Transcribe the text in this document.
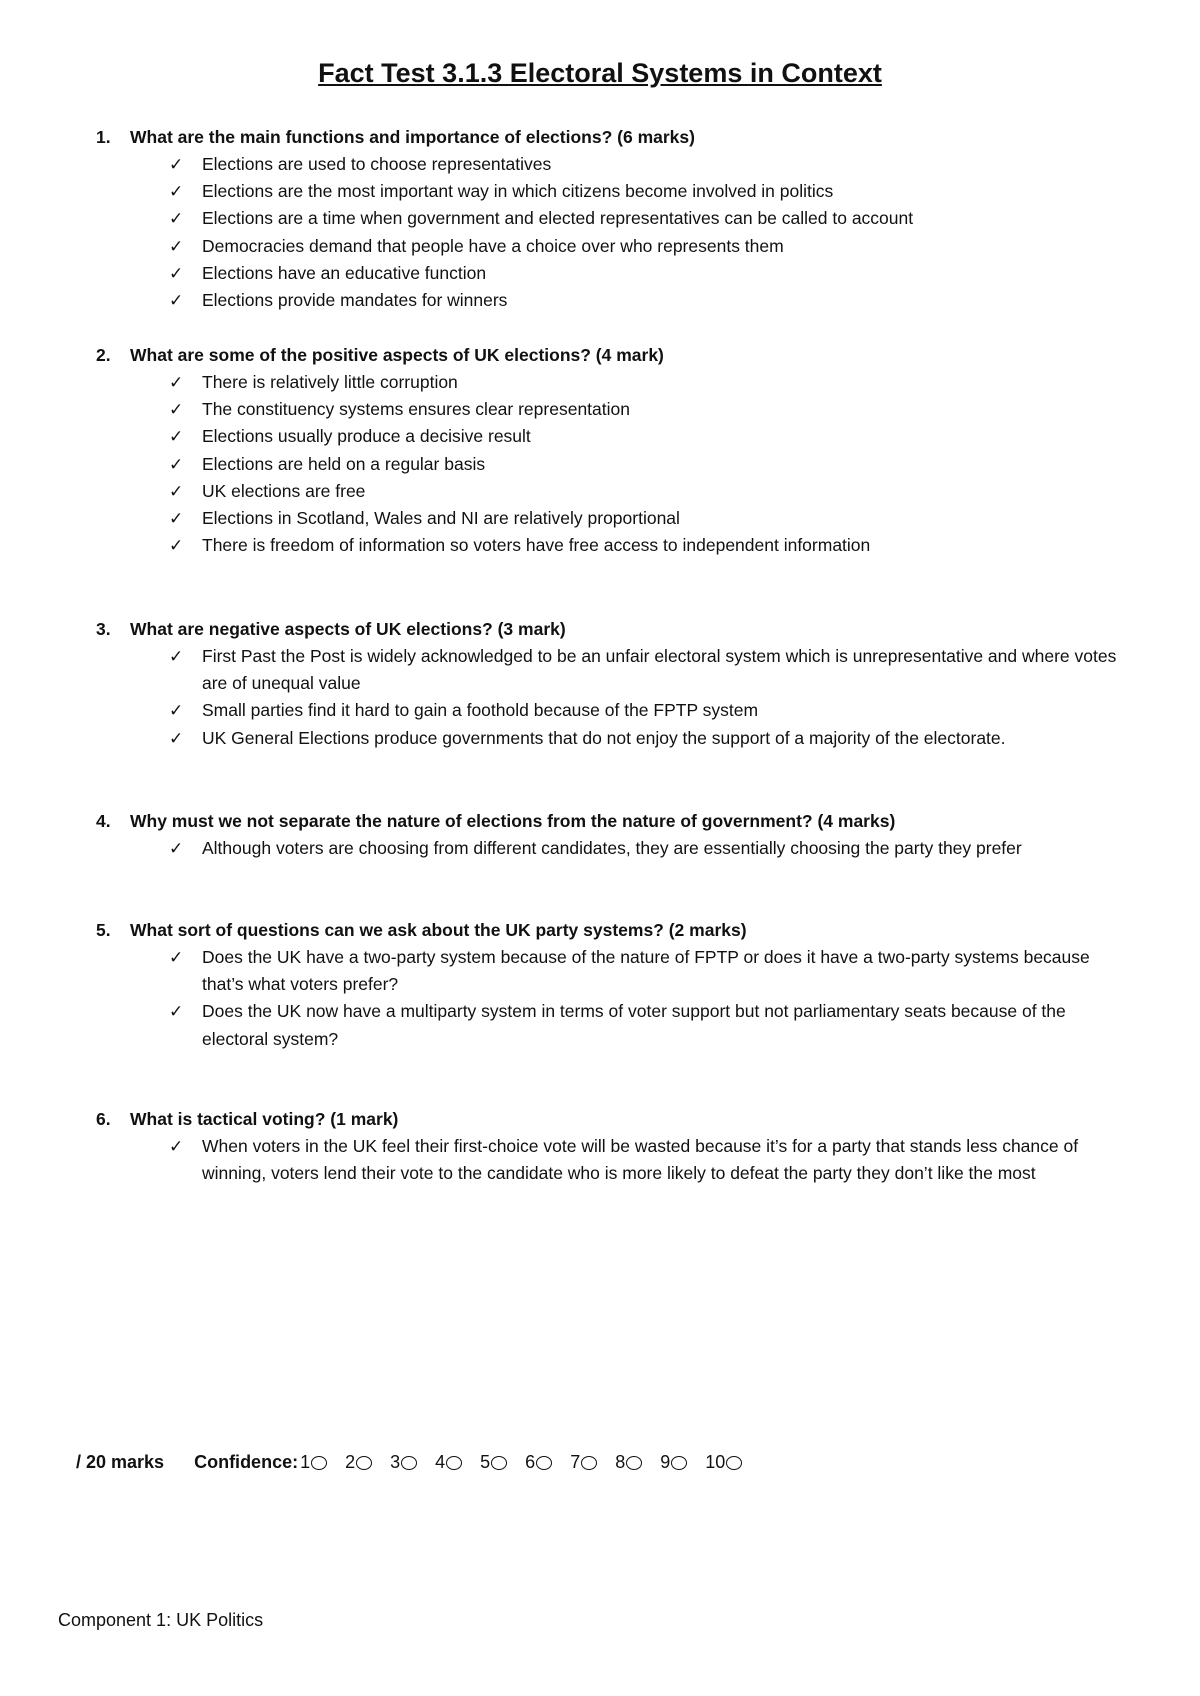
Fact Test 3.1.3 Electoral Systems in Context
1.	What are the main functions and importance of elections? (6 marks)
✓	Elections are used to choose representatives
✓	Elections are the most important way in which citizens become involved in politics
✓	Elections are a time when government and elected representatives can be called to account
✓	Democracies demand that people have a choice over who represents them
✓	Elections have an educative function
✓	Elections provide mandates for winners
2.	What are some of the positive aspects of UK elections? (4 mark)
✓	There is relatively little corruption
✓	The constituency systems ensures clear representation
✓	Elections usually produce a decisive result
✓	Elections are held on a regular basis
✓	UK elections are free
✓	Elections in Scotland, Wales and NI are relatively proportional
✓	There is freedom of information so voters have free access to independent information
3.	What are negative aspects of UK elections? (3 mark)
✓	First Past the Post is widely acknowledged to be an unfair electoral system which is unrepresentative and where votes are of unequal value
✓	Small parties find it hard to gain a foothold because of the FPTP system
✓	UK General Elections produce governments that do not enjoy the support of a majority of the electorate.
4.	Why must we not separate the nature of elections from the nature of government? (4 marks)
✓	Although voters are choosing from different candidates, they are essentially choosing the party they prefer
5.	What sort of questions can we ask about the UK party systems? (2 marks)
✓	Does the UK have a two-party system because of the nature of FPTP or does it have a two-party systems because that’s what voters prefer?
✓	Does the UK now have a multiparty system in terms of voter support but not parliamentary seats because of the electoral system?
6.	What is tactical voting? (1 mark)
✓	When voters in the UK feel their first-choice vote will be wasted because it’s for a party that stands less chance of winning, voters lend their vote to the candidate who is more likely to defeat the party they don’t like the most
/ 20 marks Confidence: 1 2 3 4 5 6 7 8 9 10
Component 1: UK Politics
